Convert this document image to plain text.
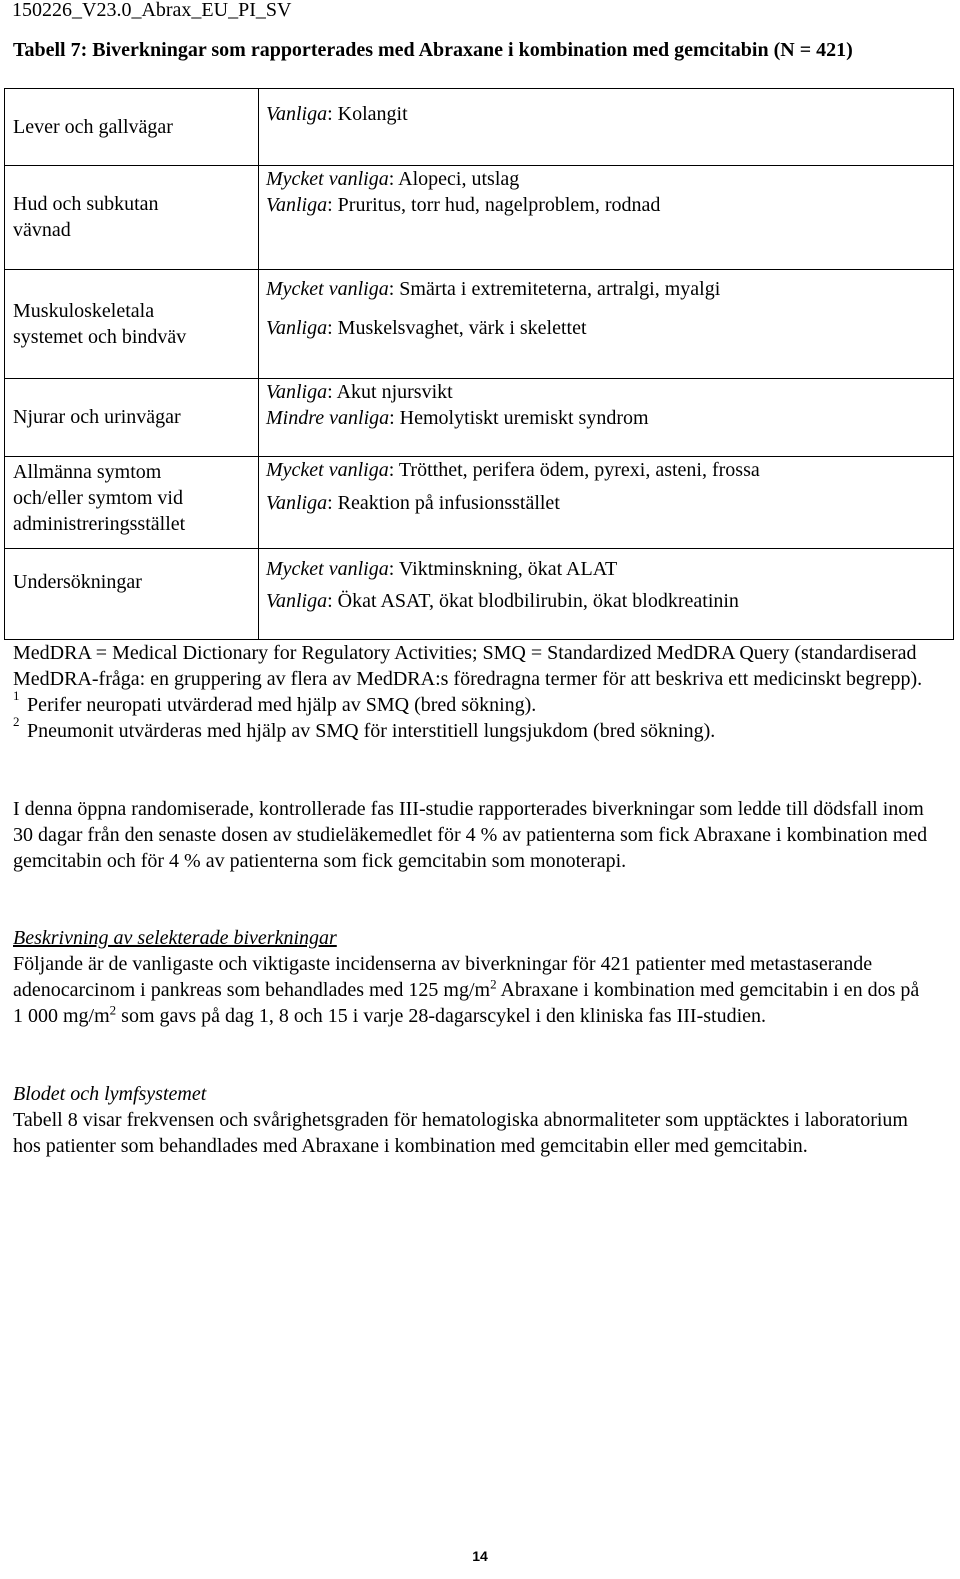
150226_V23.0_Abrax_EU_PI_SV
Tabell 7: Biverkningar som rapporterades med Abraxane i kombination med gemcitabin (N = 421)
Lever och gallvägar	Vanliga: Kolangit

Hud och subkutan vävnad	Mycket vanliga: Alopeci, utslag
Vanliga: Pruritus, torr hud, nagelproblem, rodnad

Muskuloskeletala systemet och bindväv	Mycket vanliga: Smärta i extremiteterna, artralgi, myalgi
Vanliga: Muskelsvaghet, värk i skelettet

Njurar och urinvägar	Vanliga: Akut njursvikt
Mindre vanliga: Hemolytiskt uremiskt syndrom

Allmänna symtom och/eller symtom vid administreringsstället	Mycket vanliga: Trötthet, perifera ödem, pyrexi, asteni, frossa
Vanliga: Reaktion på infusionsstället

Undersökningar	Mycket vanliga: Viktminskning, ökat ALAT
Vanliga: Ökat ASAT, ökat blodbilirubin, ökat blodkreatinin

MedDRA = Medical Dictionary for Regulatory Activities; SMQ = Standardized MedDRA Query (standardiserad MedDRA-fråga: en gruppering av flera av MedDRA:s föredragna termer för att beskriva ett medicinskt begrepp).

1 Perifer neuropati utvärderad med hjälp av SMQ (bred sökning).

2 Pneumonit utvärderas med hjälp av SMQ för interstitiell lungsjukdom (bred sökning).

I denna öppna randomiserade, kontrollerade fas III-studie rapporterades biverkningar som ledde till dödsfall inom 30 dagar från den senaste dosen av studieläkemedlet för 4 % av patienterna som fick Abraxane i kombination med gemcitabin och för 4 % av patienterna som fick gemcitabin som monoterapi.

Beskrivning av selekterade biverkningar
Följande är de vanligaste och viktigaste incidenserna av biverkningar för 421 patienter med metastaserande adenocarcinom i pankreas som behandlades med 125 $mg/m^2$ Abraxane i kombination med gemcitabin i en dos på 1 000 $mg/m^2$ som gavs på dag 1, 8 och 15 i varje 28-dagarscykel i den kliniska fas III-studien.
Blodet och lymfsystemet
Tabell 8 visar frekvensen och svårighetsgraden för hematologiska abnormaliteter som upptäcktes i laboratorium hos patienter som behandlades med Abraxane i kombination med gemcitabin eller med gemcitabin.
14
